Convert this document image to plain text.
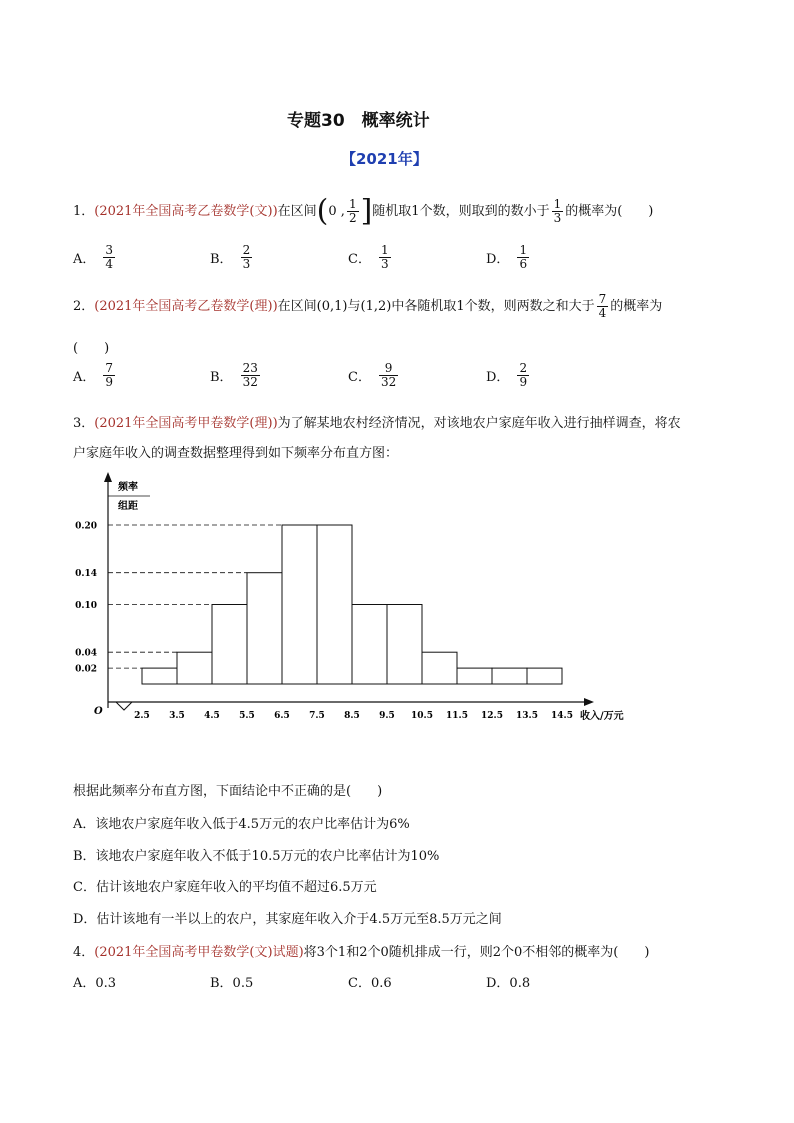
专题30　概率统计
【2021年】
1．(2021年全国高考乙卷数学(文))在区间(0 , $\frac{1}{2}$ ]随机取1个数，则取到的数小于 $\frac{1}{3}$ 的概率为(　　)
A． $\frac{3}{4}$	B． $\frac{2}{3}$	C． $\frac{1}{3}$	D． $\frac{1}{6}$
2．(2021年全国高考乙卷数学(理))在区间(0,1)与(1,2)中各随机取1个数，则两数之和大于 $\frac{7}{4}$ 的概率为
(　　)
A． $\frac{7}{9}$	B． $\frac{23}{32}$	C． $\frac{9}{32}$	D． $\frac{2}{9}$
3．(2021年全国高考甲卷数学(理))为了解某地农村经济情况，对该地农户家庭年收入进行抽样调查，将农
户家庭年收入的调查数据整理得到如下频率分布直方图：
频率
组距
O	收入/万元
0.02
0.04
0.10
0.14
0.20
2.5 3.5 4.5 5.5 6.5 7.5 8.5 9.5 10.5 11.5 12.5 13.5 14.5
根据此频率分布直方图，下面结论中不正确的是(　　)
A．该地农户家庭年收入低于4.5万元的农户比率估计为6%
B．该地农户家庭年收入不低于10.5万元的农户比率估计为10%
C．估计该地农户家庭年收入的平均值不超过6.5万元
D．估计该地有一半以上的农户，其家庭年收入介于4.5万元至8.5万元之间
4．(2021年全国高考甲卷数学(文)试题)将3个1和2个0随机排成一行，则2个0不相邻的概率为(　　)
A．0.3	B．0.5	C．0.6	D．0.8
